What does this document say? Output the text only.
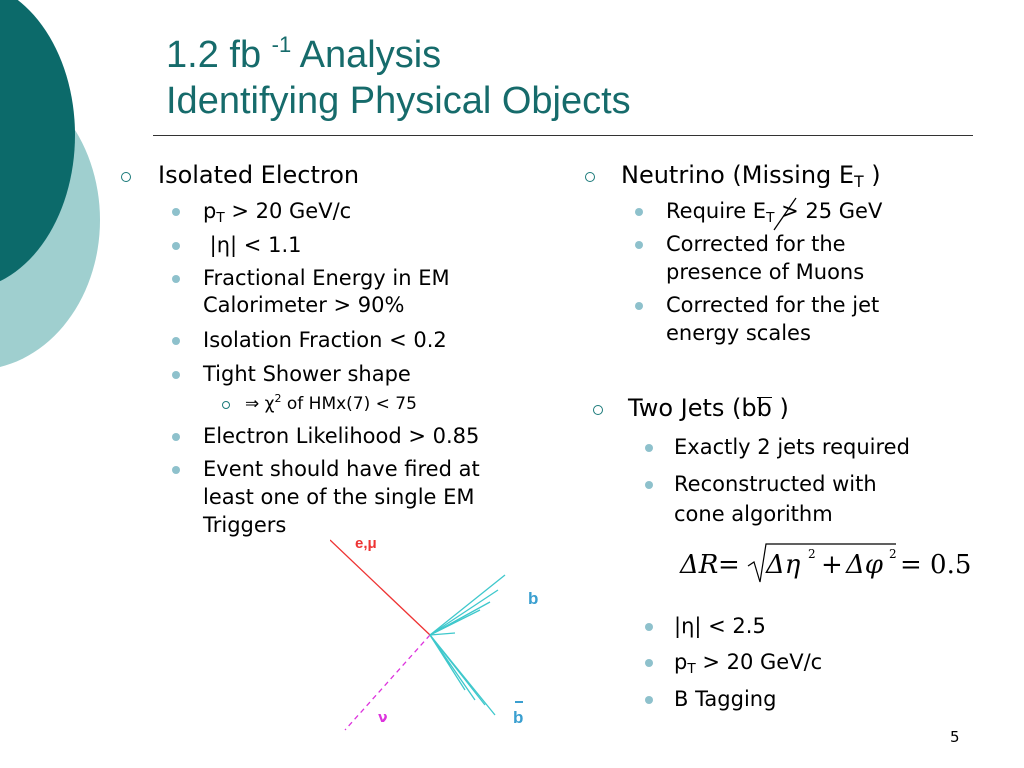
1.2 fb $^{-1}$ Analysis
Identifying Physical Objects
Isolated Electron
$p_T > 20$ GeV/c
|η| < 1.1
Fractional Energy in EM
Calorimeter > 90%
Isolation Fraction < 0.2
Tight Shower shape
⇒ $\chi^2$ of HMx(7) < 75
Electron Likelihood > 0.85
Event should have fired at
least one of the single EM
Triggers
Neutrino (Missing $E_T$ )
Require $E_T > 25$ GeV
Corrected for the
presence of Muons
Corrected for the jet
energy scales
Two Jets (bb )
Exactly 2 jets required
Reconstructed with
cone algorithm
ΔR = Δη 2 + Δφ 2 = 0.5
|η| < 2.5
$p_T > 20$ GeV/c
B Tagging
e,μ
b
b
ν
5
